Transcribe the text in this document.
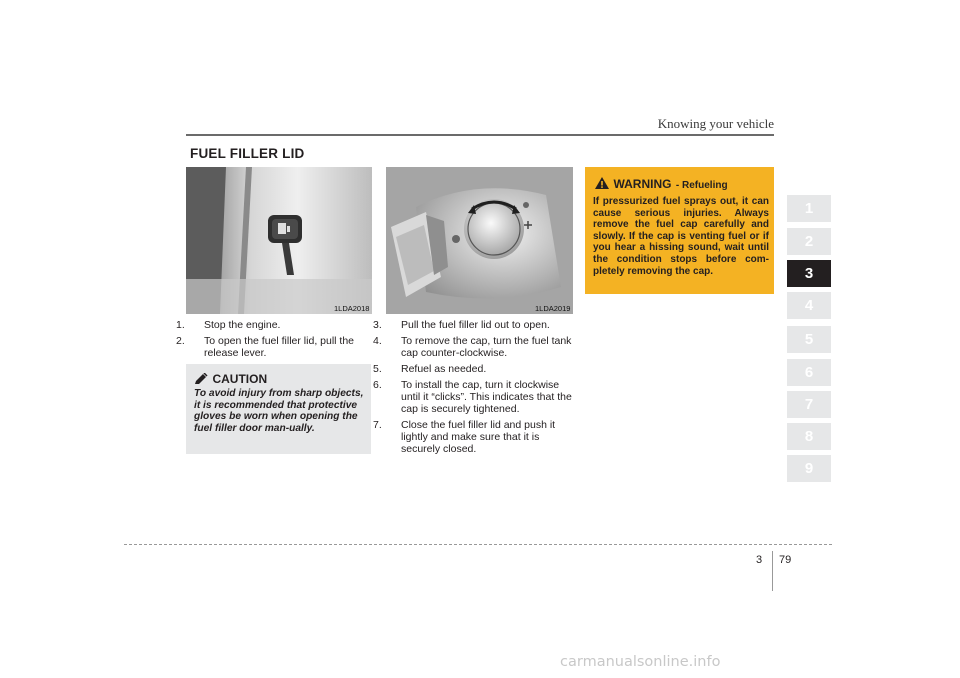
Knowing your vehicle
FUEL FILLER LID
1LDA2018	1LDA2019
1. Stop the engine.
2. To open the fuel filler lid, pull the release lever.
CAUTION
To avoid injury from sharp objects, it is recommended that protective gloves be worn when opening the fuel filler door man-ually.
3. Pull the fuel filler lid out to open.
4. To remove the cap, turn the fuel tank cap counter-clockwise.
5. Refuel as needed.
6. To install the cap, turn it clockwise until it “clicks”. This indicates that the cap is securely tightened.
7. Close the fuel filler lid and push it lightly and make sure that it is securely closed.
WARNING - Refueling
If pressurized fuel sprays out, it can cause serious injuries. Always remove the fuel cap carefully and slowly. If the cap is venting fuel or if you hear a hissing sound, wait until the condition stops before com-pletely removing the cap.
1
2
3
4
5
6
7
8
9
3 79
carmanualsonline.info
